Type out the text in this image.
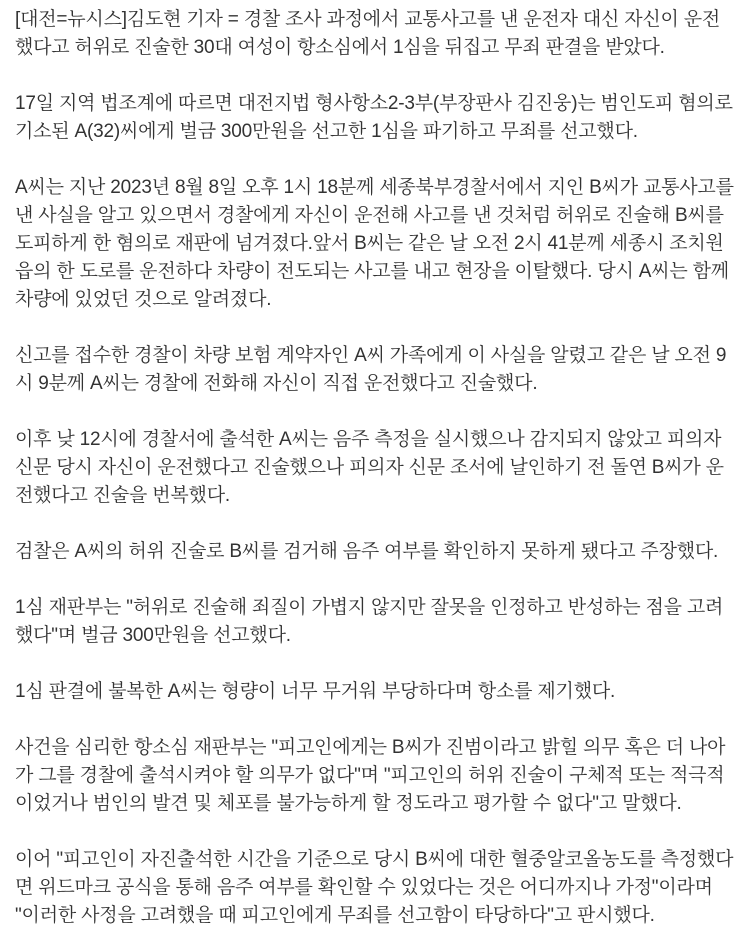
[대전=뉴시스]김도현 기자 = 경찰 조사 과정에서 교통사고를 낸 운전자 대신 자신이 운전했다고 허위로 진술한 30대 여성이 항소심에서 1심을 뒤집고 무죄 판결을 받았다.

17일 지역 법조계에 따르면 대전지법 형사항소2-3부(부장판사 김진웅)는 범인도피 혐의로 기소된 A(32)씨에게 벌금 300만원을 선고한 1심을 파기하고 무죄를 선고했다.

A씨는 지난 2023년 8월 8일 오후 1시 18분께 세종북부경찰서에서 지인 B씨가 교통사고를 낸 사실을 알고 있으면서 경찰에게 자신이 운전해 사고를 낸 것처럼 허위로 진술해 B씨를 도피하게 한 혐의로 재판에 넘겨졌다.앞서 B씨는 같은 날 오전 2시 41분께 세종시 조치원읍의 한 도로를 운전하다 차량이 전도되는 사고를 내고 현장을 이탈했다. 당시 A씨는 함께 차량에 있었던 것으로 알려졌다.

신고를 접수한 경찰이 차량 보험 계약자인 A씨 가족에게 이 사실을 알렸고 같은 날 오전 9시 9분께 A씨는 경찰에 전화해 자신이 직접 운전했다고 진술했다.

이후 낮 12시에 경찰서에 출석한 A씨는 음주 측정을 실시했으나 감지되지 않았고 피의자 신문 당시 자신이 운전했다고 진술했으나 피의자 신문 조서에 날인하기 전 돌연 B씨가 운전했다고 진술을 번복했다.

검찰은 A씨의 허위 진술로 B씨를 검거해 음주 여부를 확인하지 못하게 됐다고 주장했다.

1심 재판부는 "허위로 진술해 죄질이 가볍지 않지만 잘못을 인정하고 반성하는 점을 고려했다"며 벌금 300만원을 선고했다.

1심 판결에 불복한 A씨는 형량이 너무 무거워 부당하다며 항소를 제기했다.

사건을 심리한 항소심 재판부는 "피고인에게는 B씨가 진범이라고 밝힐 의무 혹은 더 나아가 그를 경찰에 출석시켜야 할 의무가 없다"며 "피고인의 허위 진술이 구체적 또는 적극적이었거나 범인의 발견 및 체포를 불가능하게 할 정도라고 평가할 수 없다"고 말했다.

이어 "피고인이 자진출석한 시간을 기준으로 당시 B씨에 대한 혈중알코올농도를 측정했다면 위드마크 공식을 통해 음주 여부를 확인할 수 있었다는 것은 어디까지나 가정"이라며 "이러한 사정을 고려했을 때 피고인에게 무죄를 선고함이 타당하다"고 판시했다.
